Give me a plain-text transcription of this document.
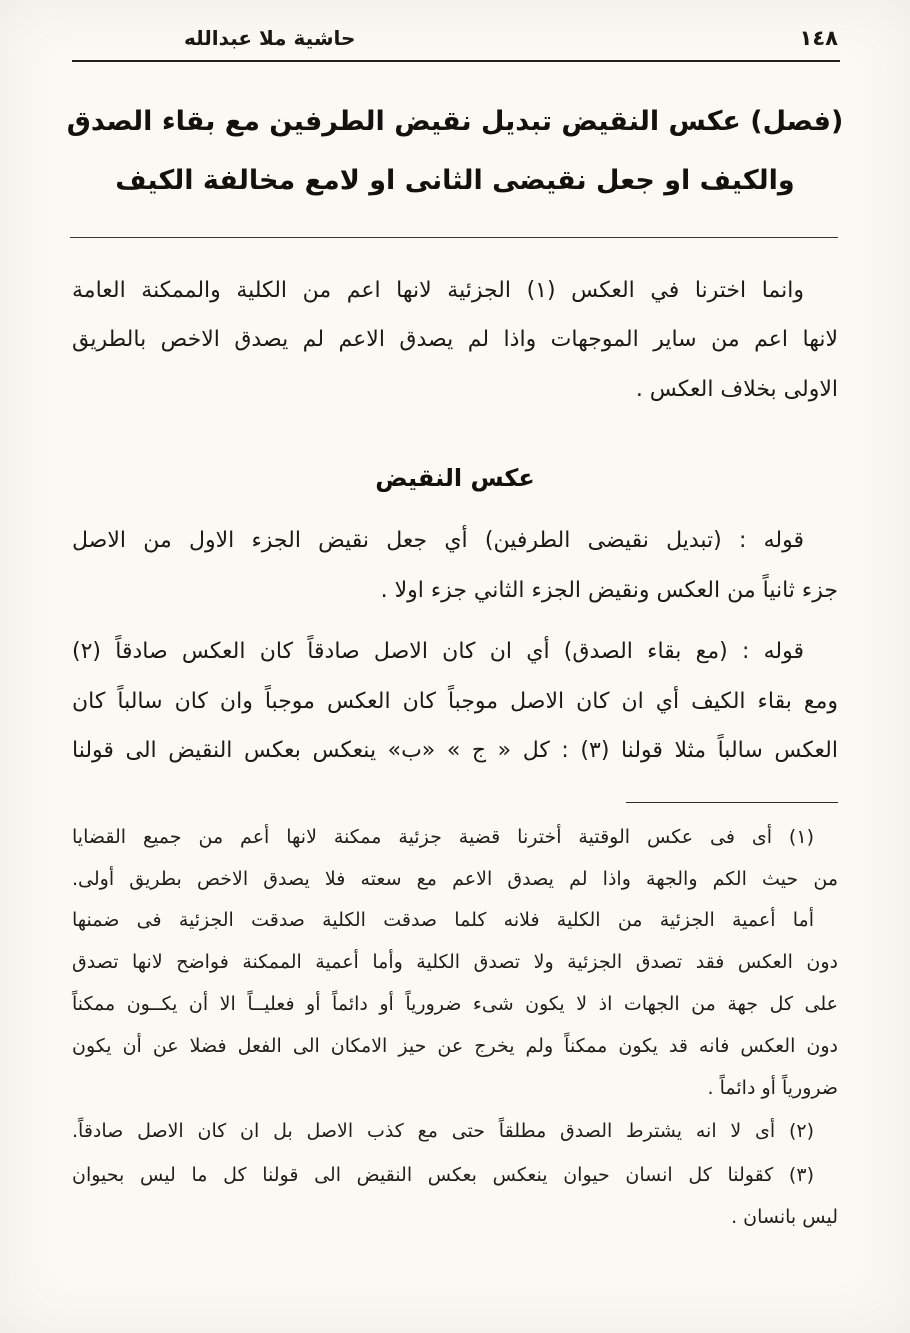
١٤٨
حاشية ملا عبدالله
(فصل) عكس النقيض تبديل نقيض الطرفين مع بقاء الصدق
والكيف او جعل نقيضى الثانى او لامع مخالفة الكيف
وانما اخترنا في العكس (١) الجزئية لانها اعم من الكلية والممكنة العامة
لانها اعم من ساير الموجهات واذا لم يصدق الاعم لم يصدق الاخص بالطريق
الاولى بخلاف العكس .
عكس النقيض
قوله : (تبديل نقيضى الطرفين) أي جعل نقيض الجزء الاول من الاصل
جزء ثانياً من العكس ونقيض الجزء الثاني جزء اولا .
قوله : (مع بقاء الصدق) أي ان كان الاصل صادقاً كان العكس صادقاً (٢)
ومع بقاء الكيف أي ان كان الاصل موجباً كان العكس موجباً وان كان سالباً كان
العكس سالباً مثلا قولنا (٣) : كل « ج » «ب» ينعكس بعكس النقيض الى قولنا
(١) أى فى عكس الوقتية أخترنا قضية جزئية ممكنة لانها أعم من جميع القضايا
من حيث الكم والجهة واذا لم يصدق الاعم مع سعته فلا يصدق الاخص بطريق أولى.
أما أعمية الجزئية من الكلية فلانه كلما صدقت الكلية صدقت الجزئية فى ضمنها
دون العكس فقد تصدق الجزئية ولا تصدق الكلية وأما أعمية الممكنة فواضح لانها تصدق
على كل جهة من الجهات اذ لا يكون شىء ضرورياً أو دائماً أو فعليــاً الا أن يكــون ممكناً
دون العكس فانه قد يكون ممكناً ولم يخرج عن حيز الامكان الى الفعل فضلا عن أن يكون
ضرورياً أو دائماً .
(٢) أى لا انه يشترط الصدق مطلقاً حتى مع كذب الاصل بل ان كان الاصل صادقاً.
(٣) كقولنا كل انسان حيوان ينعكس بعكس النقيض الى قولنا كل ما ليس بحيوان
ليس بانسان .
